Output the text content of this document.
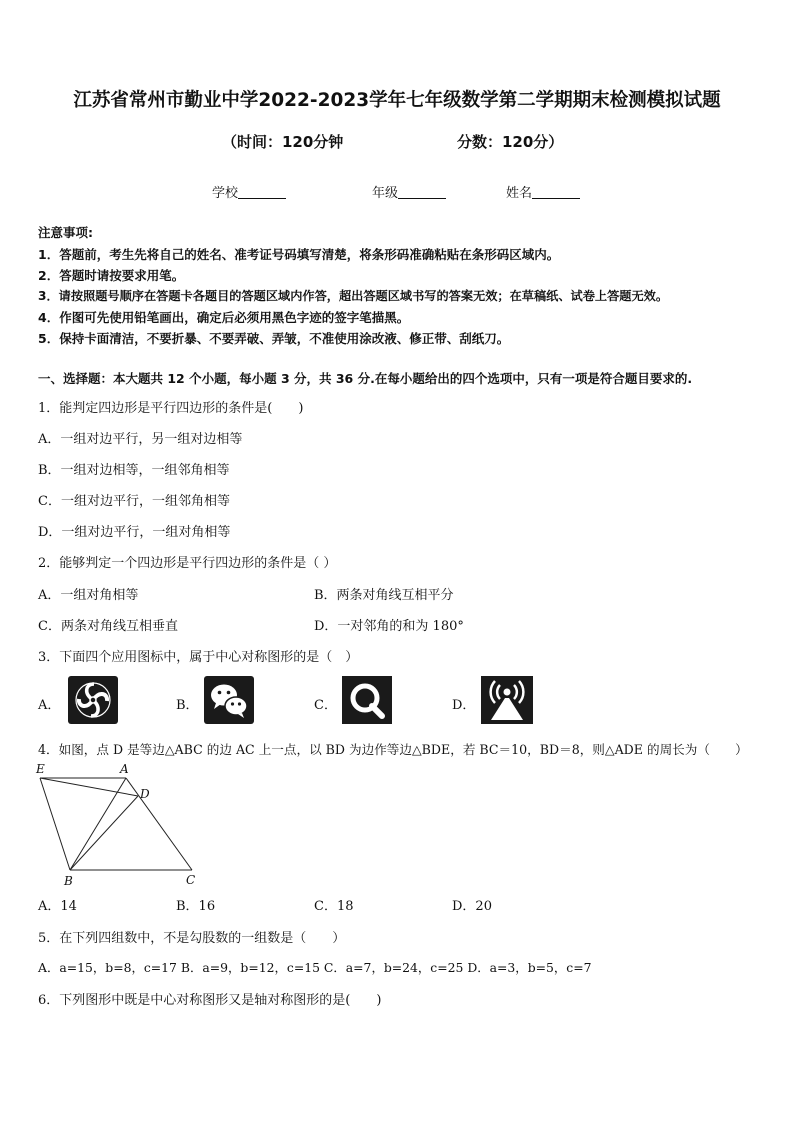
江苏省常州市勤业中学2022-2023学年七年级数学第二学期期末检测模拟试题
（时间：120分钟	分数：120分）
学校	年级	姓名
注意事项:
1．答题前，考生先将自己的姓名、准考证号码填写清楚，将条形码准确粘贴在条形码区域内。
2．答题时请按要求用笔。
3．请按照题号顺序在答题卡各题目的答题区域内作答，超出答题区域书写的答案无效；在草稿纸、试卷上答题无效。
4．作图可先使用铅笔画出，确定后必须用黑色字迹的签字笔描黑。
5．保持卡面清洁，不要折暴、不要弄破、弄皱，不准使用涂改液、修正带、刮纸刀。
一、选择题：本大题共 12 个小题，每小题 3 分，共 36 分.在每小题给出的四个选项中，只有一项是符合题目要求的.
1．能判定四边形是平行四边形的条件是(　　)
A．一组对边平行，另一组对边相等
B．一组对边相等，一组邻角相等
C．一组对边平行，一组邻角相等
D．一组对边平行，一组对角相等
2．能够判定一个四边形是平行四边形的条件是（ ）
A．一组对角相等	B．两条对角线互相平分
C．两条对角线互相垂直	D．一对邻角的和为 180°
3．下面四个应用图标中，属于中心对称图形的是（　）
A．	B．	C．	D．
4．如图，点 D 是等边△ABC 的边 AC 上一点，以 BD 为边作等边△BDE，若 BC＝10，BD＝8，则△ADE 的周长为（　　）
E	A
D
B	C
A．14	B．16	C．18	D．20
5．在下列四组数中，不是勾股数的一组数是（　　）
A．a=15，b=8，c=17 B．a=9，b=12，c=15 C．a=7，b=24，c=25 D．a=3，b=5，c=7
6．下列图形中既是中心对称图形又是轴对称图形的是(　　)
